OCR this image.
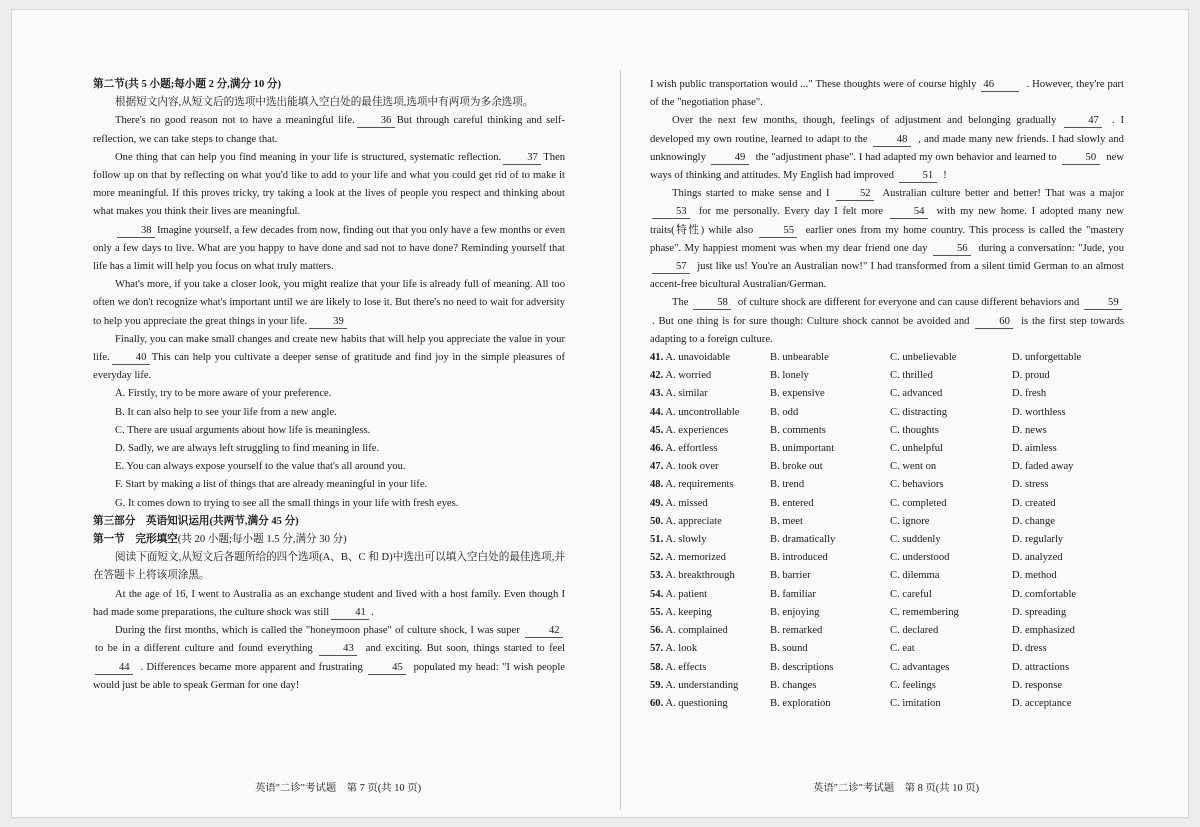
第二节(共 5 小题;每小题 2 分,满分 10 分)

根据短文内容,从短文后的选项中选出能填入空白处的最佳选项,选项中有两项为多余选项。

There's no good reason not to have a meaningful life. 36 But through careful thinking and self-reflection, we can take steps to change that.

One thing that can help you find meaning in your life is structured, systematic reflection. 37 Then follow up on that by reflecting on what you'd like to add to your life and what you could get rid of to make it more meaningful. If this proves tricky, try taking a look at the lives of people you respect and thinking about what makes you think their lives are meaningful.

38 Imagine yourself, a few decades from now, finding out that you only have a few months or even only a few days to live. What are you happy to have done and sad not to have done? Reminding yourself that life has a limit will help you focus on what truly matters.

What's more, if you take a closer look, you might realize that your life is already full of meaning. All too often we don't recognize what's important until we are likely to lose it. But there's no need to wait for adversity to help you appreciate the great things in your life. 39

Finally, you can make small changes and create new habits that will help you appreciate the value in your life. 40 This can help you cultivate a deeper sense of gratitude and find joy in the simple pleasures of everyday life.

A. Firstly, try to be more aware of your preference.

B. It can also help to see your life from a new angle.

C. There are usual arguments about how life is meaningless.

D. Sadly, we are always left struggling to find meaning in life.

E. You can always expose yourself to the value that's all around you.

F. Start by making a list of things that are already meaningful in your life.

G. It comes down to trying to see all the small things in your life with fresh eyes.

第三部分　英语知识运用(共两节,满分 45 分)

第一节　完形填空(共 20 小题;每小题 1.5 分,满分 30 分)

阅读下面短文,从短文后各题所给的四个选项(A、B、C 和 D)中选出可以填入空白处的最佳选项,并在答题卡上将该项涂黑。

At the age of 16, I went to Australia as an exchange student and lived with a host family. Even though I had made some preparations, the culture shock was still 41 .

During the first months, which is called the "honeymoon phase" of culture shock, I was super	42 to be in a different culture and found everything	43 and exciting. But soon, things started to feel 44 . Differences became more apparent and frustrating	45 populated my head: "I wish people would just be able to speak German for one day!

英语"二诊"考试题　第 7 页(共 10 页)

I wish public transportation would ..." These thoughts were of course highly 46	. However, they're part of the "negotiation phase".

Over the next few months, though, feelings of adjustment and belonging gradually	47 . I developed my own routine, learned to adapt to the	48 , and made many new friends. I had slowly and unknowingly	49 the "adjustment phase". I had adapted my own behavior and learned to	50 new ways of thinking and attitudes. My English had improved	51 !

Things started to make sense and I	52 Australian culture better and better! That was a major 53 for me personally. Every day I felt more	54 with my new home. I adopted many new traits(特性) while also	55 earlier ones from my home country. This process is called the "mastery phase". My happiest moment was when my dear friend one day	56 during a conversation: "Jude, you 57 just like us! You're an Australian now!" I had transformed from a silent timid German to an almost accent-free bicultural Australian/German.

The	58 of culture shock are different for everyone and can cause different behaviors and	59 . But one thing is for sure though: Culture shock cannot be avoided and	60 is the first step towards adapting to a foreign culture.

41. A. unavoidable	B. unbearable	C. unbelievable	D. unforgettable
42. A. worried	B. lonely	C. thrilled	D. proud
43. A. similar	B. expensive	C. advanced	D. fresh
44. A. uncontrollable	B. odd	C. distracting	D. worthless
45. A. experiences	B. comments	C. thoughts	D. news
46. A. effortless	B. unimportant	C. unhelpful	D. aimless
47. A. took over	B. broke out	C. went on	D. faded away
48. A. requirements	B. trend	C. behaviors	D. stress
49. A. missed	B. entered	C. completed	D. created
50. A. appreciate	B. meet	C. ignore	D. change
51. A. slowly	B. dramatically	C. suddenly	D. regularly
52. A. memorized	B. introduced	C. understood	D. analyzed
53. A. breakthrough	B. barrier	C. dilemma	D. method
54. A. patient	B. familiar	C. careful	D. comfortable
55. A. keeping	B. enjoying	C. remembering	D. spreading
56. A. complained	B. remarked	C. declared	D. emphasized
57. A. look	B. sound	C. eat	D. dress
58. A. effects	B. descriptions	C. advantages	D. attractions
59. A. understanding	B. changes	C. feelings	D. response
60. A. questioning	B. exploration	C. imitation	D. acceptance
英语"二诊"考试题　第 8 页(共 10 页)
